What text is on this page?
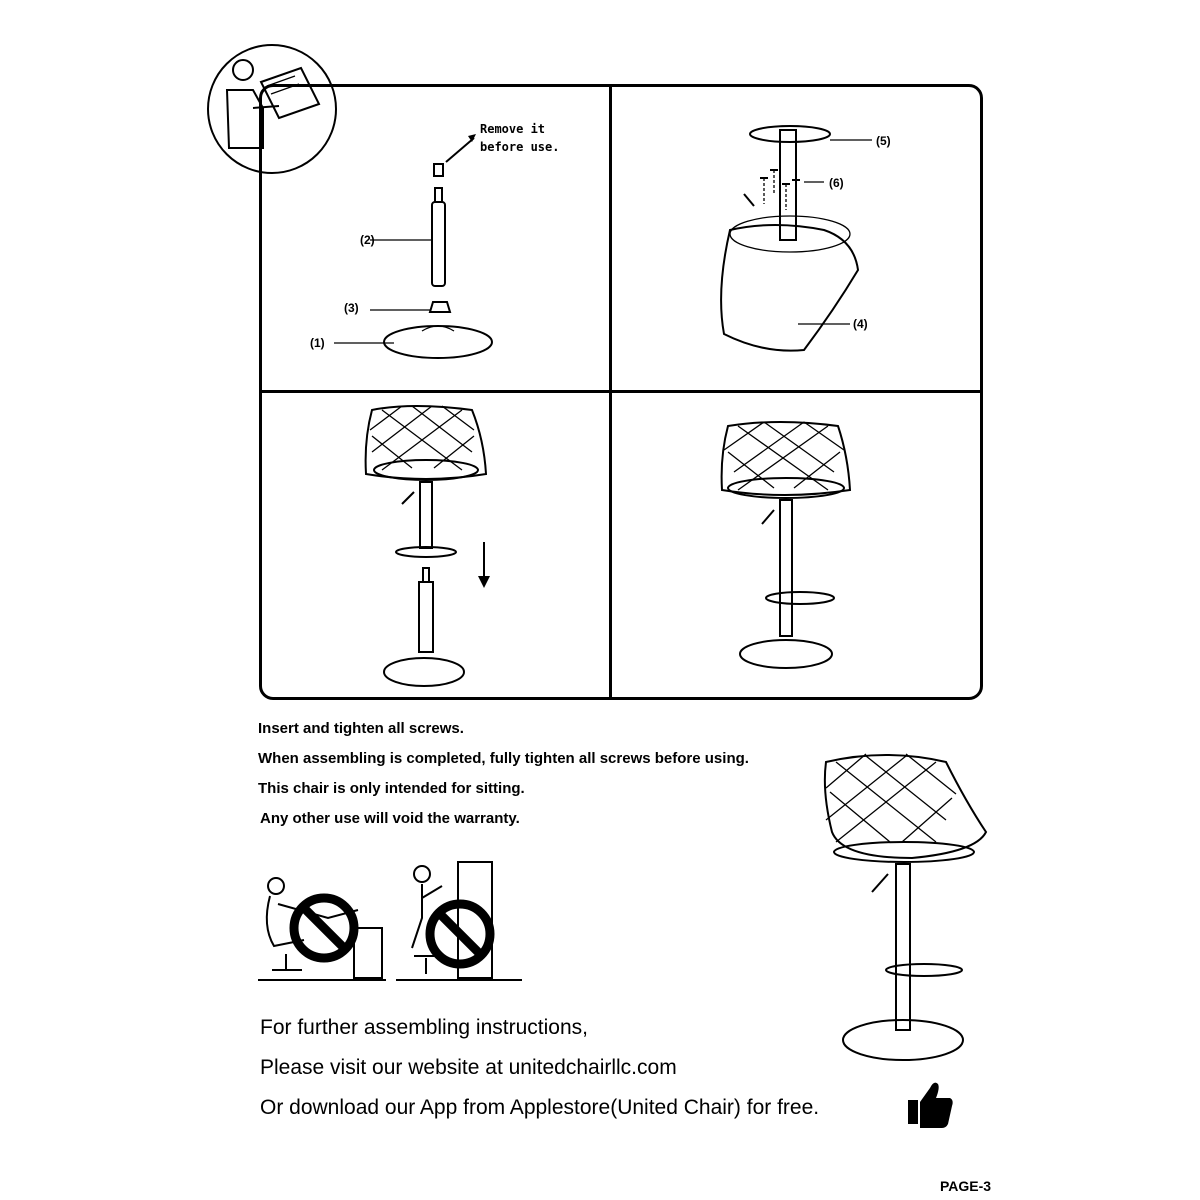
Remove it
before use.
(2)
(3)
(1)
(5)
(6)
(4)
Insert and tighten all screws.
When assembling is completed, fully tighten all screws before using.
This chair is only intended for sitting.
Any other use will void the warranty.
For further assembling instructions,
Please visit our website at unitedchairllc.com
Or download our App from Applestore(United Chair) for free.
PAGE-3
